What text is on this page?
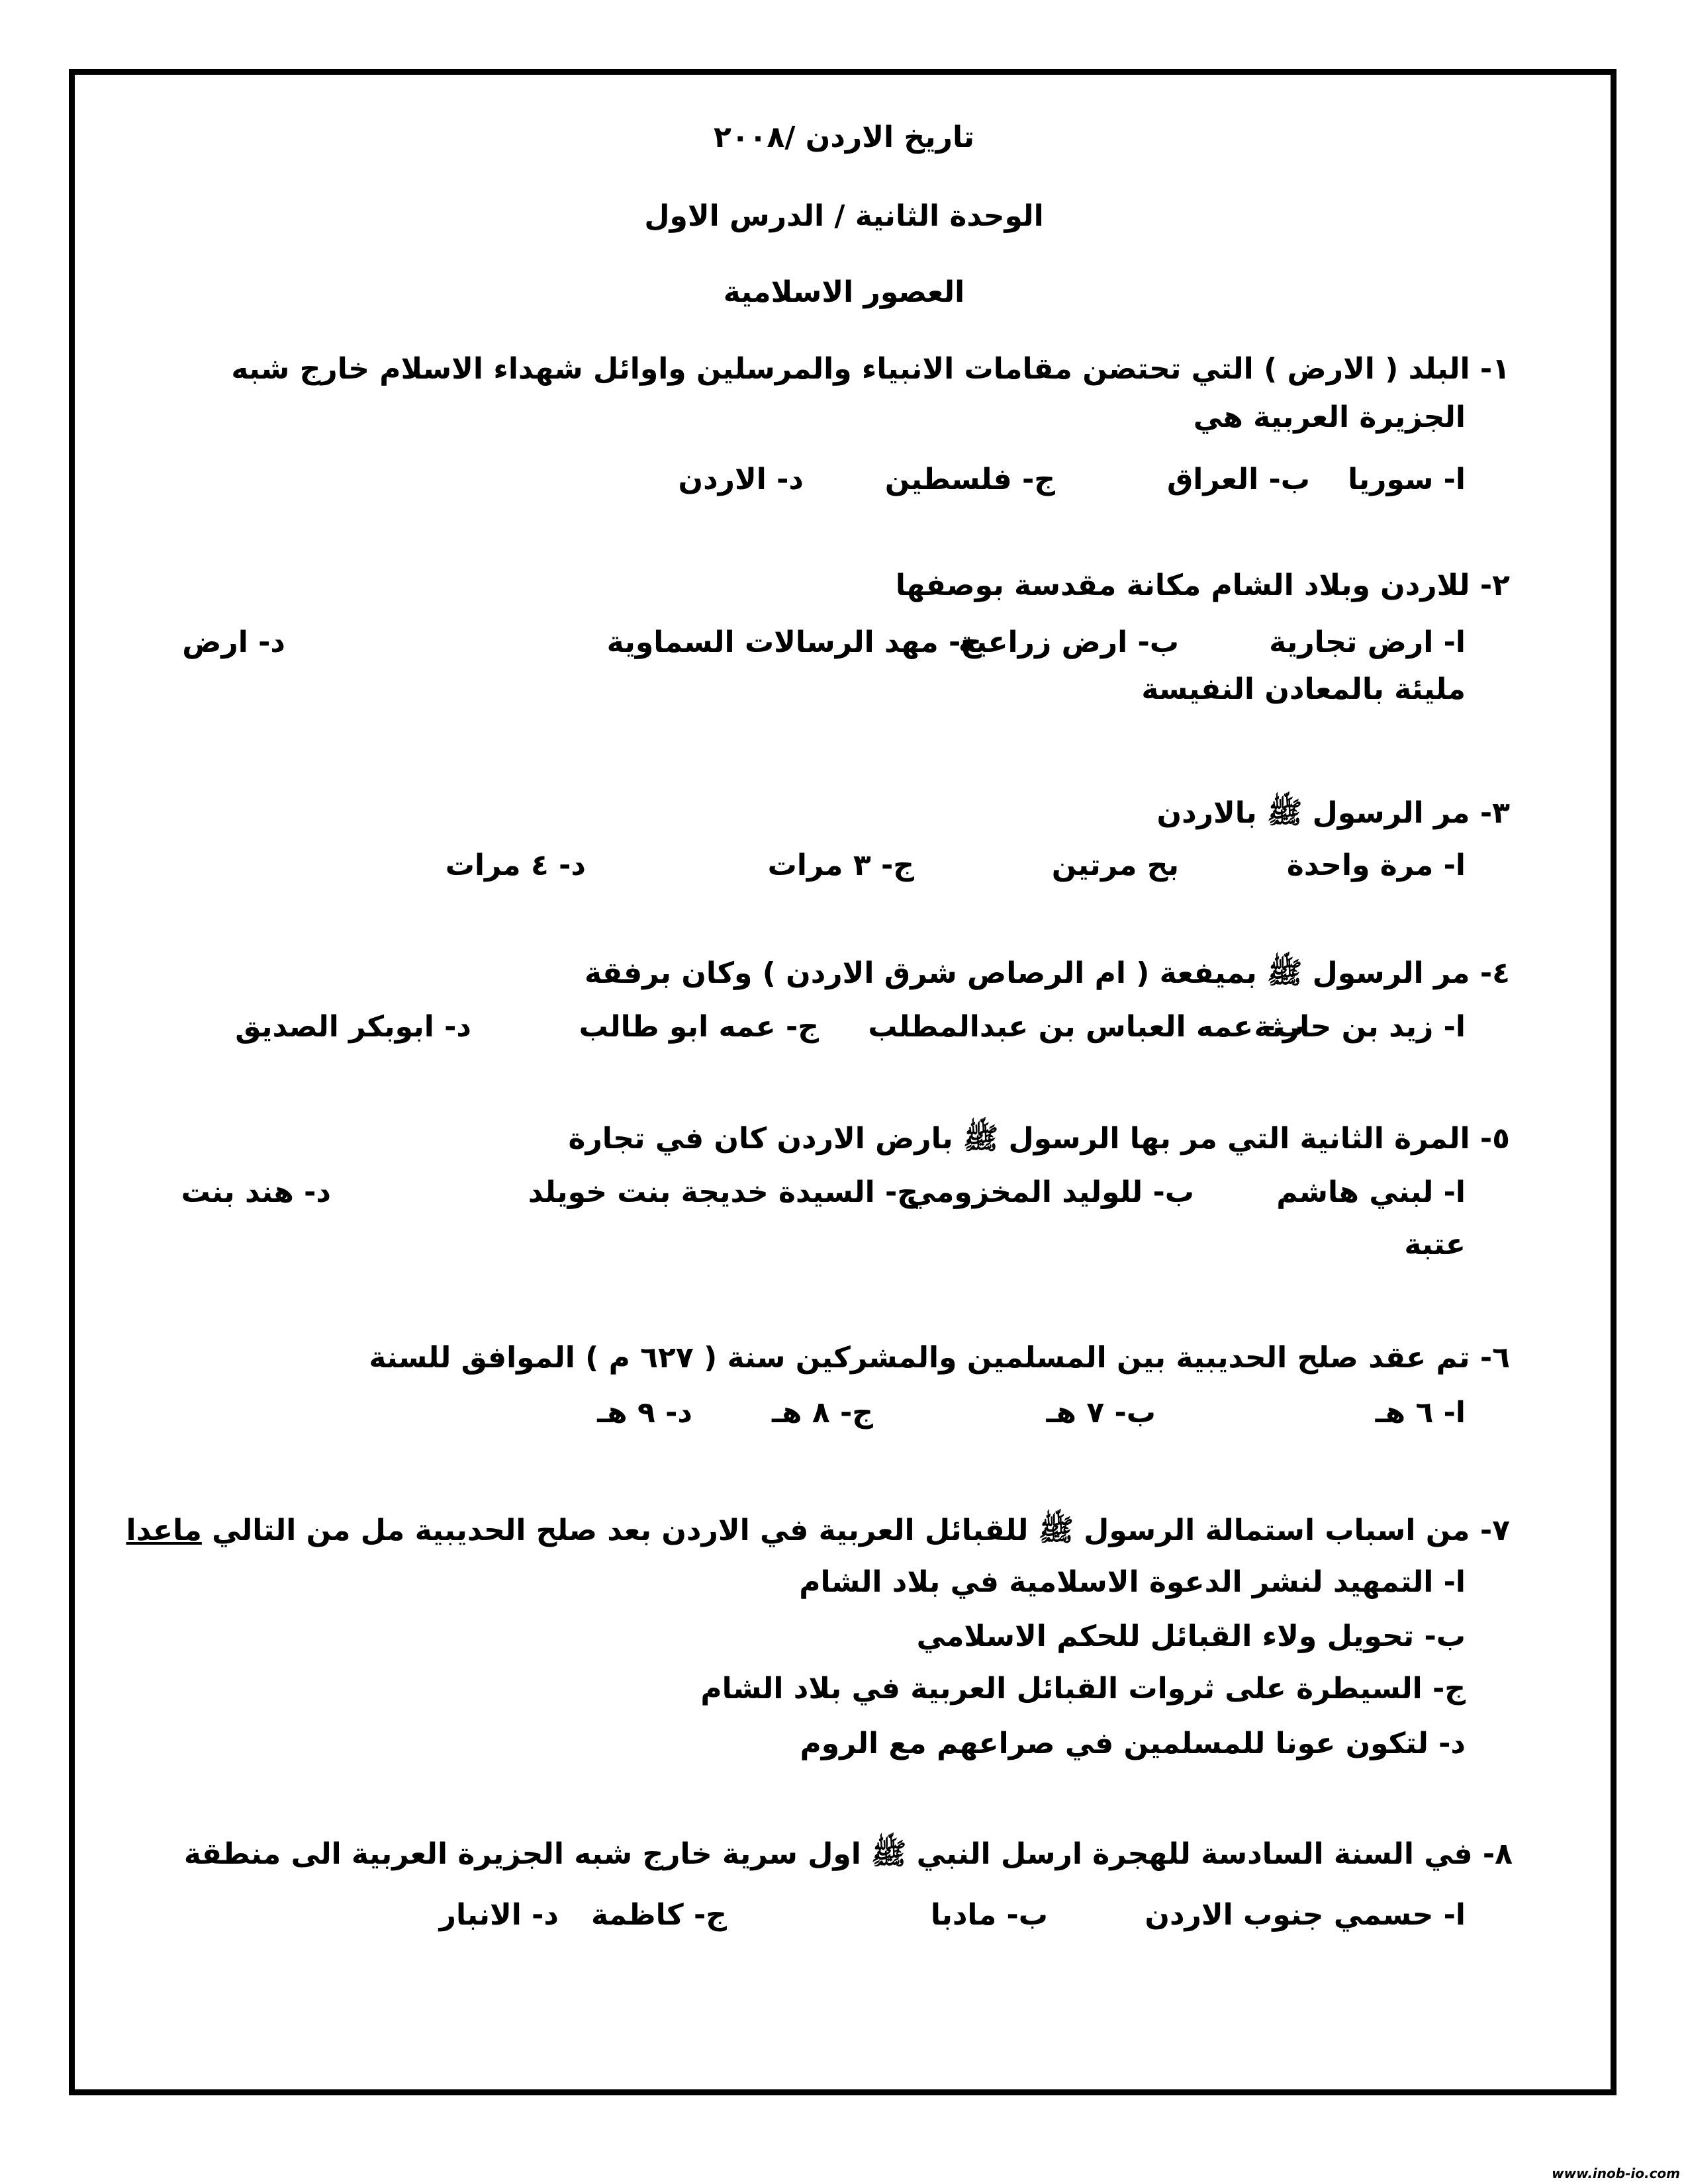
تاريخ الاردن /٢٠٠٨
الوحدة الثانية / الدرس الاول
العصور الاسلامية
١- البلد ( الارض ) التي تحتضن مقامات الانبياء والمرسلين واوائل شهداء الاسلام خارج شبه
الجزيرة العربية هي
ا- سوريا
ب- العراق
ج- فلسطين
د- الاردن
٢- للاردن وبلاد الشام مكانة مقدسة بوصفها
ا- ارض تجارية
ب- ارض زراعية
ج- مهد الرسالات السماوية
د- ارض
مليئة بالمعادن النفيسة
٣- مر الرسول ﷺ بالاردن
ا- مرة واحدة
بح مرتين
ج- ٣ مرات
د- ٤ مرات
٤- مر الرسول ﷺ بميفعة ( ام الرصاص شرق الاردن ) وكان برفقة
ا- زيد بن حارثة
ب- عمه العباس بن عبدالمطلب
ج- عمه ابو طالب
د- ابوبكر الصديق
٥- المرة الثانية التي مر بها الرسول ﷺ بارض الاردن كان في تجارة
ا- لبني هاشم
ب- للوليد المخزومي
ج- السيدة خديجة بنت خويلد
د- هند بنت
عتبة
٦- تم عقد صلح الحديبية بين المسلمين والمشركين سنة ( ٦٢٧ م ) الموافق للسنة
ا- ٦ هـ
ب- ٧ هـ
ج- ٨ هـ
د- ٩ هـ
٧- من اسباب استمالة الرسول ﷺ للقبائل العربية في الاردن بعد صلح الحديبية مل من التالي ماعدا
ا- التمهيد لنشر الدعوة الاسلامية في بلاد الشام
ب- تحويل ولاء القبائل للحكم الاسلامي
ج- السيطرة على ثروات القبائل العربية في بلاد الشام
د- لتكون عونا للمسلمين في صراعهم مع الروم
٨- في السنة السادسة للهجرة ارسل النبي ﷺ اول سرية خارج شبه الجزيرة العربية الى منطقة
ا- حسمي جنوب الاردن
ب- مادبا
ج- كاظمة
د- الانبار
www.inob-io.com
